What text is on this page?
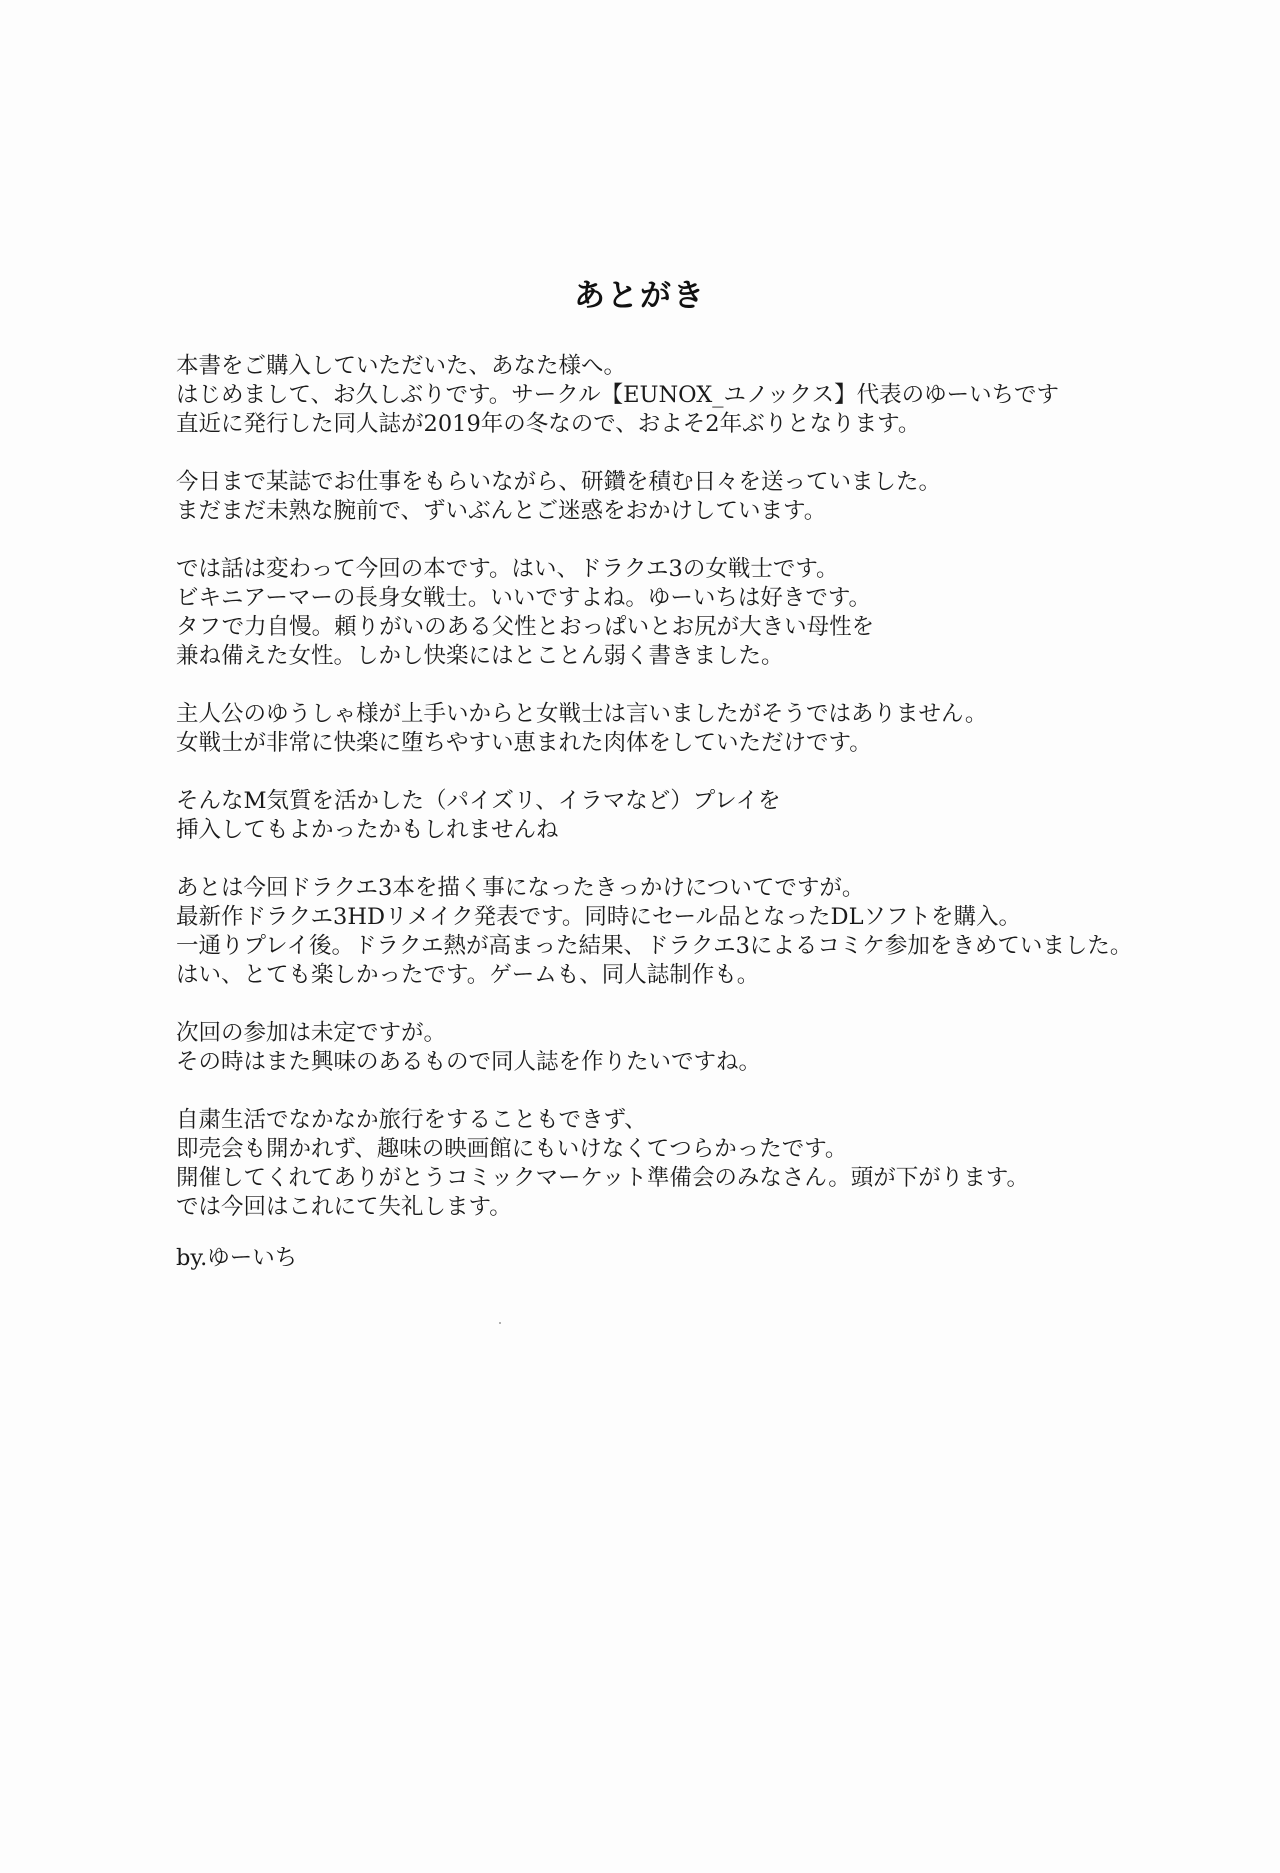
あとがき
本書をご購入していただいた、あなた様へ。
はじめまして、お久しぶりです。サークル【EUNOX_ユノックス】代表のゆーいちです
直近に発行した同人誌が2019年の冬なので、およそ2年ぶりとなります。
今日まで某誌でお仕事をもらいながら、研鑽を積む日々を送っていました。
まだまだ未熟な腕前で、ずいぶんとご迷惑をおかけしています。
では話は変わって今回の本です。はい、ドラクエ3の女戦士です。
ビキニアーマーの長身女戦士。いいですよね。ゆーいちは好きです。
タフで力自慢。頼りがいのある父性とおっぱいとお尻が大きい母性を
兼ね備えた女性。しかし快楽にはとことん弱く書きました。
主人公のゆうしゃ様が上手いからと女戦士は言いましたがそうではありません。
女戦士が非常に快楽に堕ちやすい恵まれた肉体をしていただけです。
そんなM気質を活かした（パイズリ、イラマなど）プレイを
挿入してもよかったかもしれませんね
あとは今回ドラクエ3本を描く事になったきっかけについてですが。
最新作ドラクエ3HDリメイク発表です。同時にセール品となったDLソフトを購入。
一通りプレイ後。ドラクエ熱が高まった結果、ドラクエ3によるコミケ参加をきめていました。
はい、とても楽しかったです。ゲームも、同人誌制作も。
次回の参加は未定ですが。
その時はまた興味のあるもので同人誌を作りたいですね。
自粛生活でなかなか旅行をすることもできず、
即売会も開かれず、趣味の映画館にもいけなくてつらかったです。
開催してくれてありがとうコミックマーケット準備会のみなさん。頭が下がります。
では今回はこれにて失礼します。
by.ゆーいち
